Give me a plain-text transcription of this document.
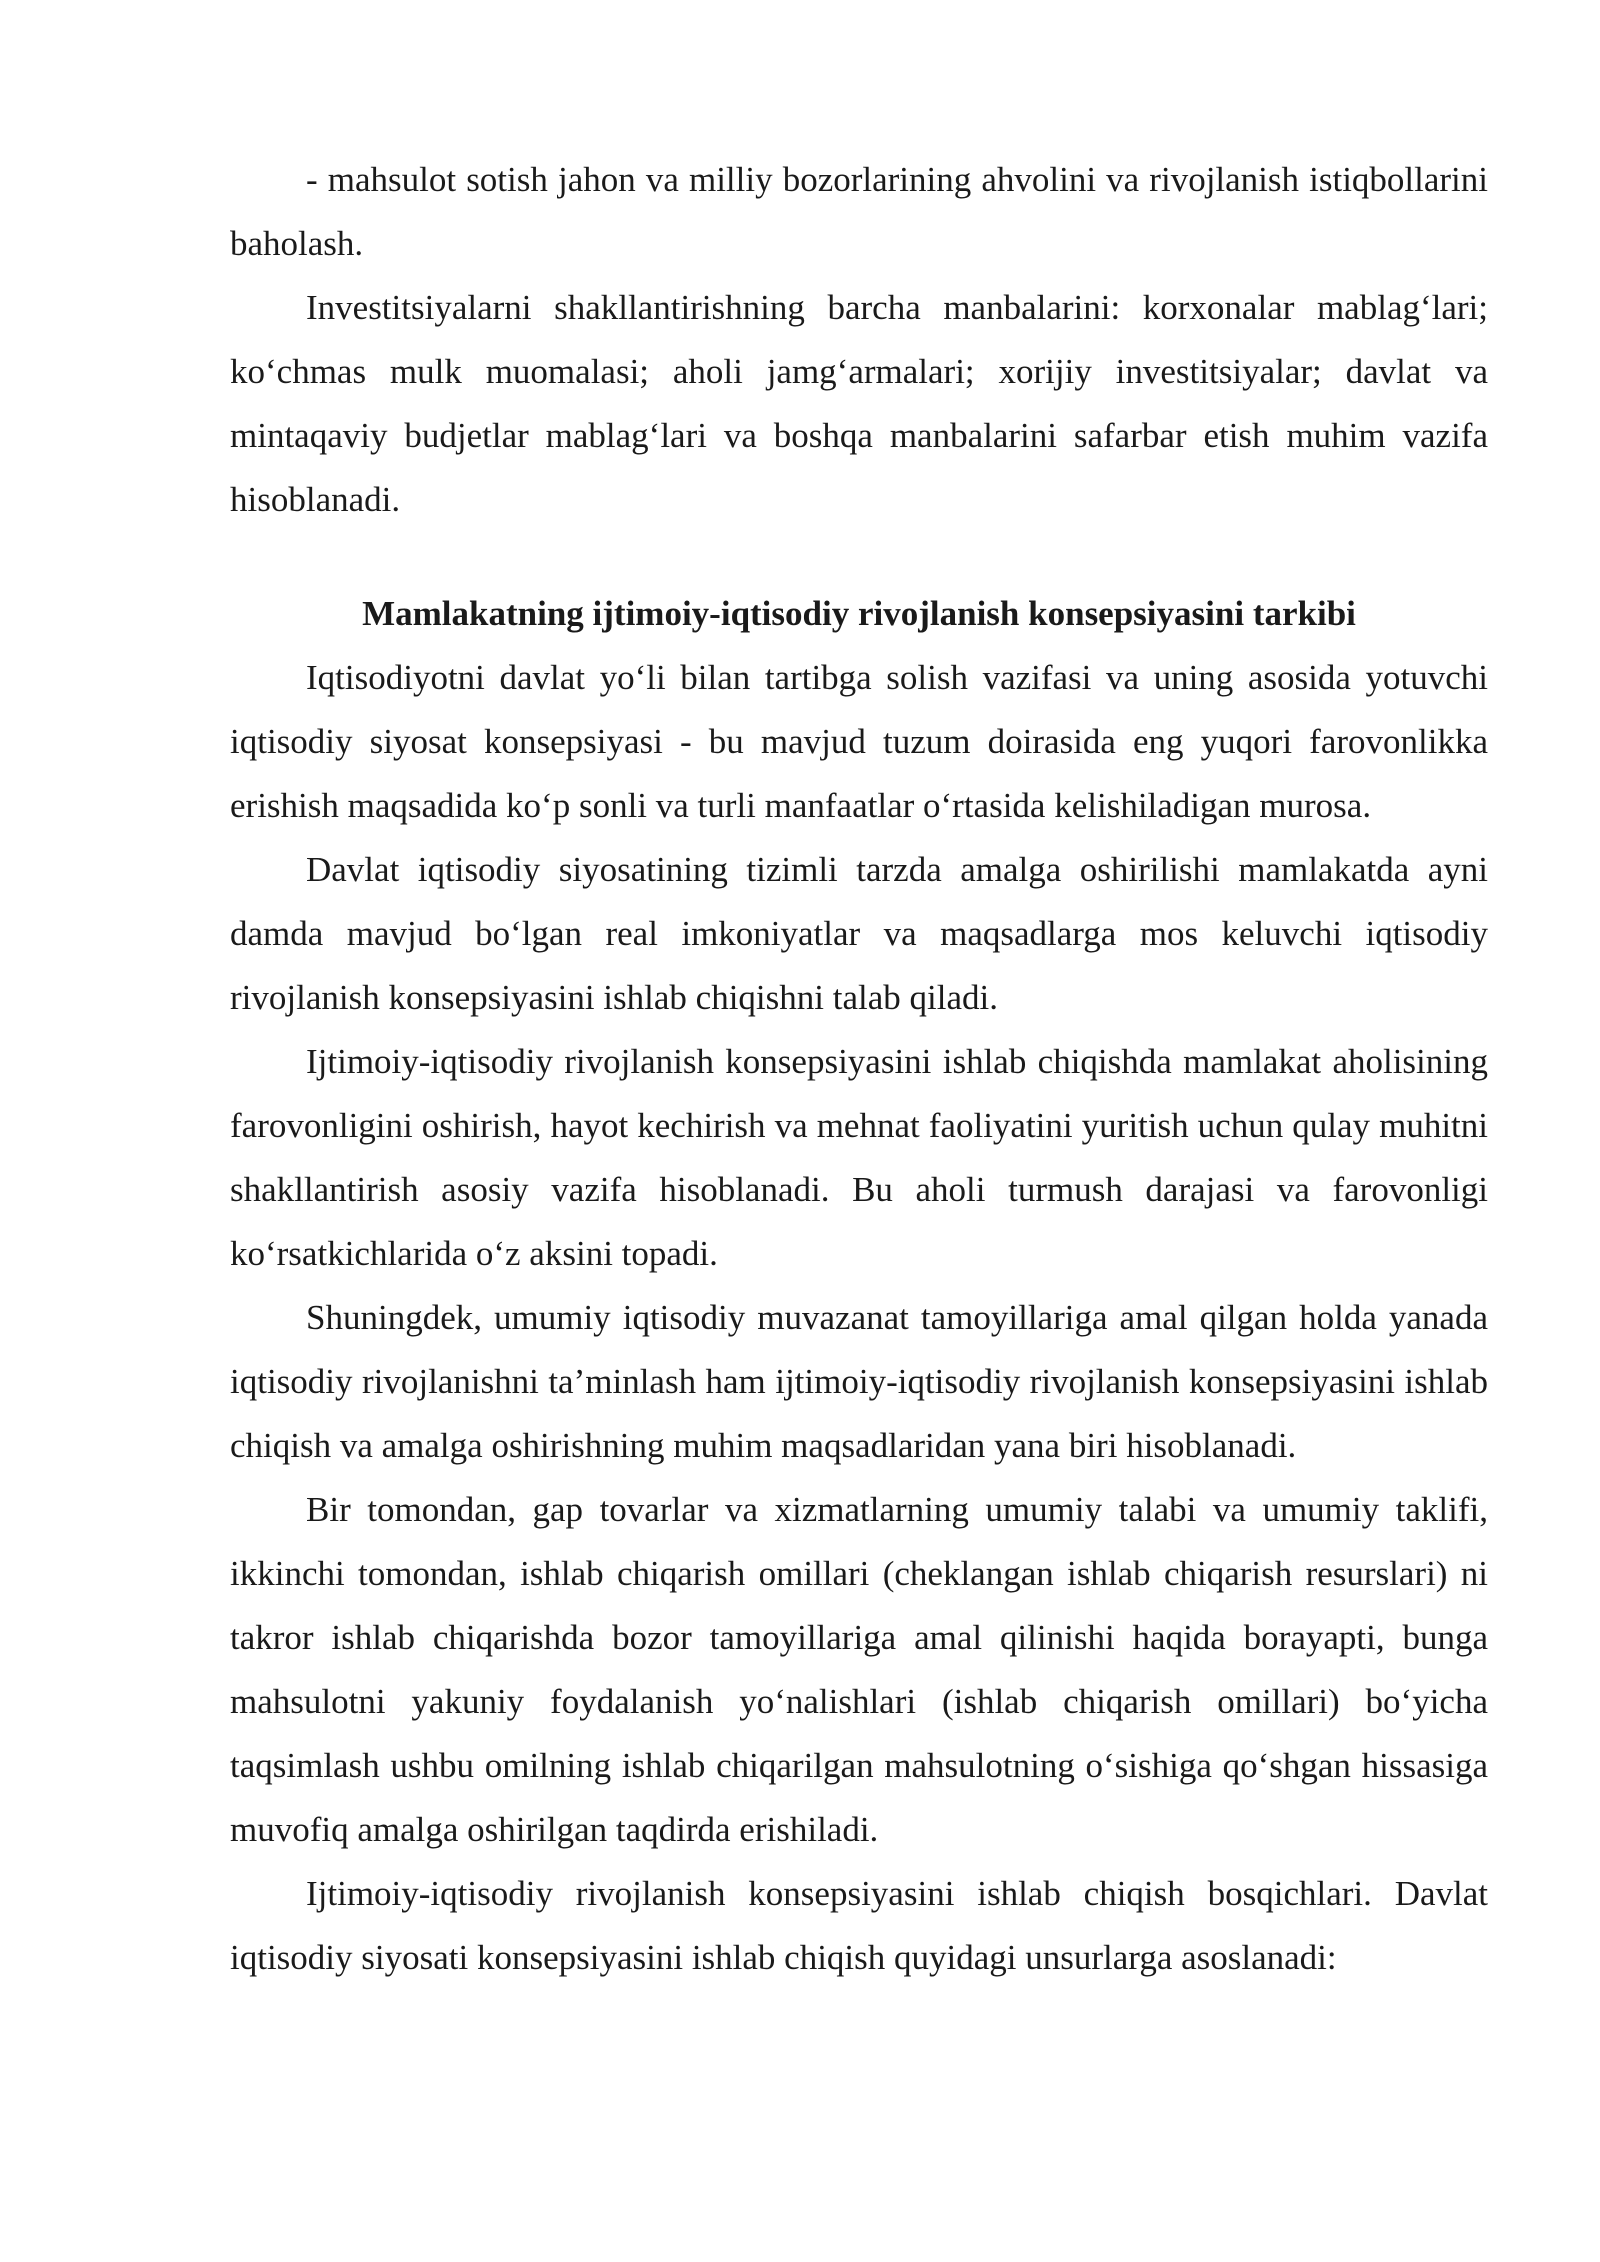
- mahsulot sotish jahon va milliy bozorlarining ahvolini va rivojlanish istiqbollarini baholash.

Investitsiyalarni shakllantirishning barcha manbalarini: korxonalar mablag‘lari; ko‘chmas mulk muomalasi; aholi jamg‘armalari; xorijiy investitsiyalar; davlat va mintaqaviy budjetlar mablag‘lari va boshqa manbalarini safarbar etish muhim vazifa hisoblanadi.

Mamlakatning ijtimoiy-iqtisodiy rivojlanish konsepsiyasini tarkibi

Iqtisodiyotni davlat yo‘li bilan tartibga solish vazifasi va uning asosida yotuvchi iqtisodiy siyosat konsepsiyasi - bu mavjud tuzum doirasida eng yuqori farovonlikka erishish maqsadida ko‘p sonli va turli manfaatlar o‘rtasida kelishiladigan murosa.

Davlat iqtisodiy siyosatining tizimli tarzda amalga oshirilishi mamlakatda ayni damda mavjud bo‘lgan real imkoniyatlar va maqsadlarga mos keluvchi iqtisodiy rivojlanish konsepsiyasini ishlab chiqishni talab qiladi.

Ijtimoiy-iqtisodiy rivojlanish konsepsiyasini ishlab chiqishda mamlakat aholisining farovonligini oshirish, hayot kechirish va mehnat faoliyatini yuritish uchun qulay muhitni shakllantirish asosiy vazifa hisoblanadi. Bu aholi turmush darajasi va farovonligi ko‘rsatkichlarida o‘z aksini topadi.

Shuningdek, umumiy iqtisodiy muvazanat tamoyillariga amal qilgan holda yanada iqtisodiy rivojlanishni ta’minlash ham ijtimoiy-iqtisodiy rivojlanish konsepsiyasini ishlab chiqish va amalga oshirishning muhim maqsadlaridan yana biri hisoblanadi.

Bir tomondan, gap tovarlar va xizmatlarning umumiy talabi va umumiy taklifi, ikkinchi tomondan, ishlab chiqarish omillari (cheklangan ishlab chiqarish resurslari) ni takror ishlab chiqarishda bozor tamoyillariga amal qilinishi haqida borayapti, bunga mahsulotni yakuniy foydalanish yo‘nalishlari (ishlab chiqarish omillari) bo‘yicha taqsimlash ushbu omilning ishlab chiqarilgan mahsulotning o‘sishiga qo‘shgan hissasiga muvofiq amalga oshirilgan taqdirda erishiladi.

Ijtimoiy-iqtisodiy rivojlanish konsepsiyasini ishlab chiqish bosqichlari. Davlat iqtisodiy siyosati konsepsiyasini ishlab chiqish quyidagi unsurlarga asoslanadi:
